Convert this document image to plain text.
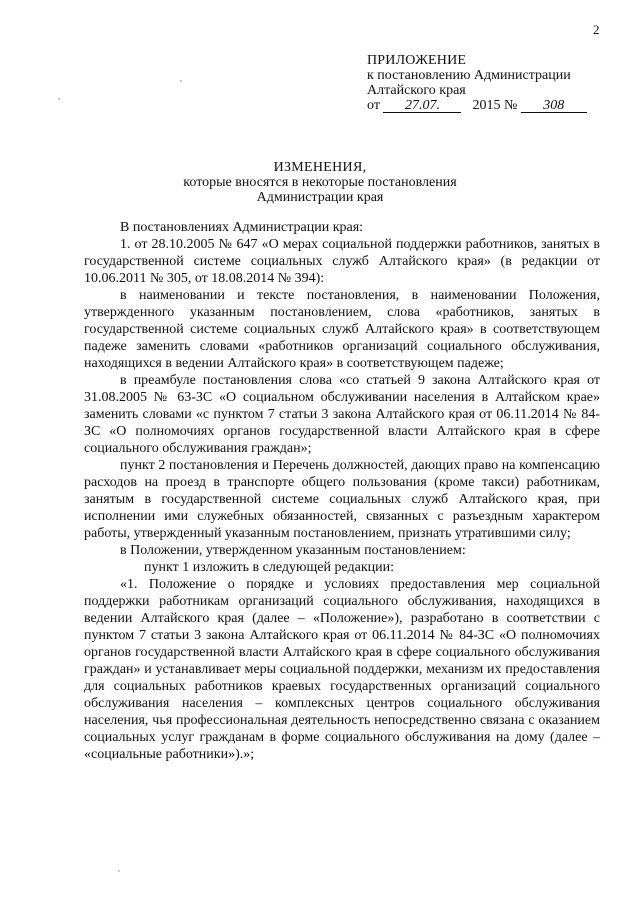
2
ПРИЛОЖЕНИЕ
к постановлению Администрации
Алтайского края
от 27.07. 2015 № 308
ИЗМЕНЕНИЯ,
которые вносятся в некоторые постановления
Администрации края

В постановлениях Администрации края:

1. от 28.10.2005 № 647 «О мерах социальной поддержки работников, занятых в государственной системе социальных служб Алтайского края» (в редакции от 10.06.2011 № 305, от 18.08.2014 № 394):

в наименовании и тексте постановления, в наименовании Положения, утвержденного указанным постановлением, слова «работников, занятых в государственной системе социальных служб Алтайского края» в соответствующем падеже заменить словами «работников организаций социального обслуживания, находящихся в ведении Алтайского края» в соответствующем падеже;

в преамбуле постановления слова «со статьей 9 закона Алтайского края от 31.08.2005 № 63-ЗС «О социальном обслуживании населения в Алтайском крае» заменить словами «с пунктом 7 статьи 3 закона Алтайского края от 06.11.2014 № 84-ЗС «О полномочиях органов государственной власти Алтайского края в сфере социального обслуживания граждан»;

пункт 2 постановления и Перечень должностей, дающих право на компенсацию расходов на проезд в транспорте общего пользования (кроме такси) работникам, занятым в государственной системе социальных служб Алтайского края, при исполнении ими служебных обязанностей, связанных с разъездным характером работы, утвержденный указанным постановлением, признать утратившими силу;

в Положении, утвержденном указанным постановлением:

пункт 1 изложить в следующей редакции:

«1. Положение о порядке и условиях предоставления мер социальной поддержки работникам организаций социального обслуживания, находящихся в ведении Алтайского края (далее – «Положение»), разработано в соответствии с пунктом 7 статьи 3 закона Алтайского края от 06.11.2014 № 84-ЗС «О полномочиях органов государственной власти Алтайского края в сфере социального обслуживания граждан» и устанавливает меры социальной поддержки, механизм их предоставления для социальных работников краевых государственных организаций социального обслуживания населения – комплексных центров социального обслуживания населения, чья профессиональная деятельность непосредственно связана с оказанием социальных услуг гражданам в форме социального обслуживания на дому (далее – «социальные работники»).»;
